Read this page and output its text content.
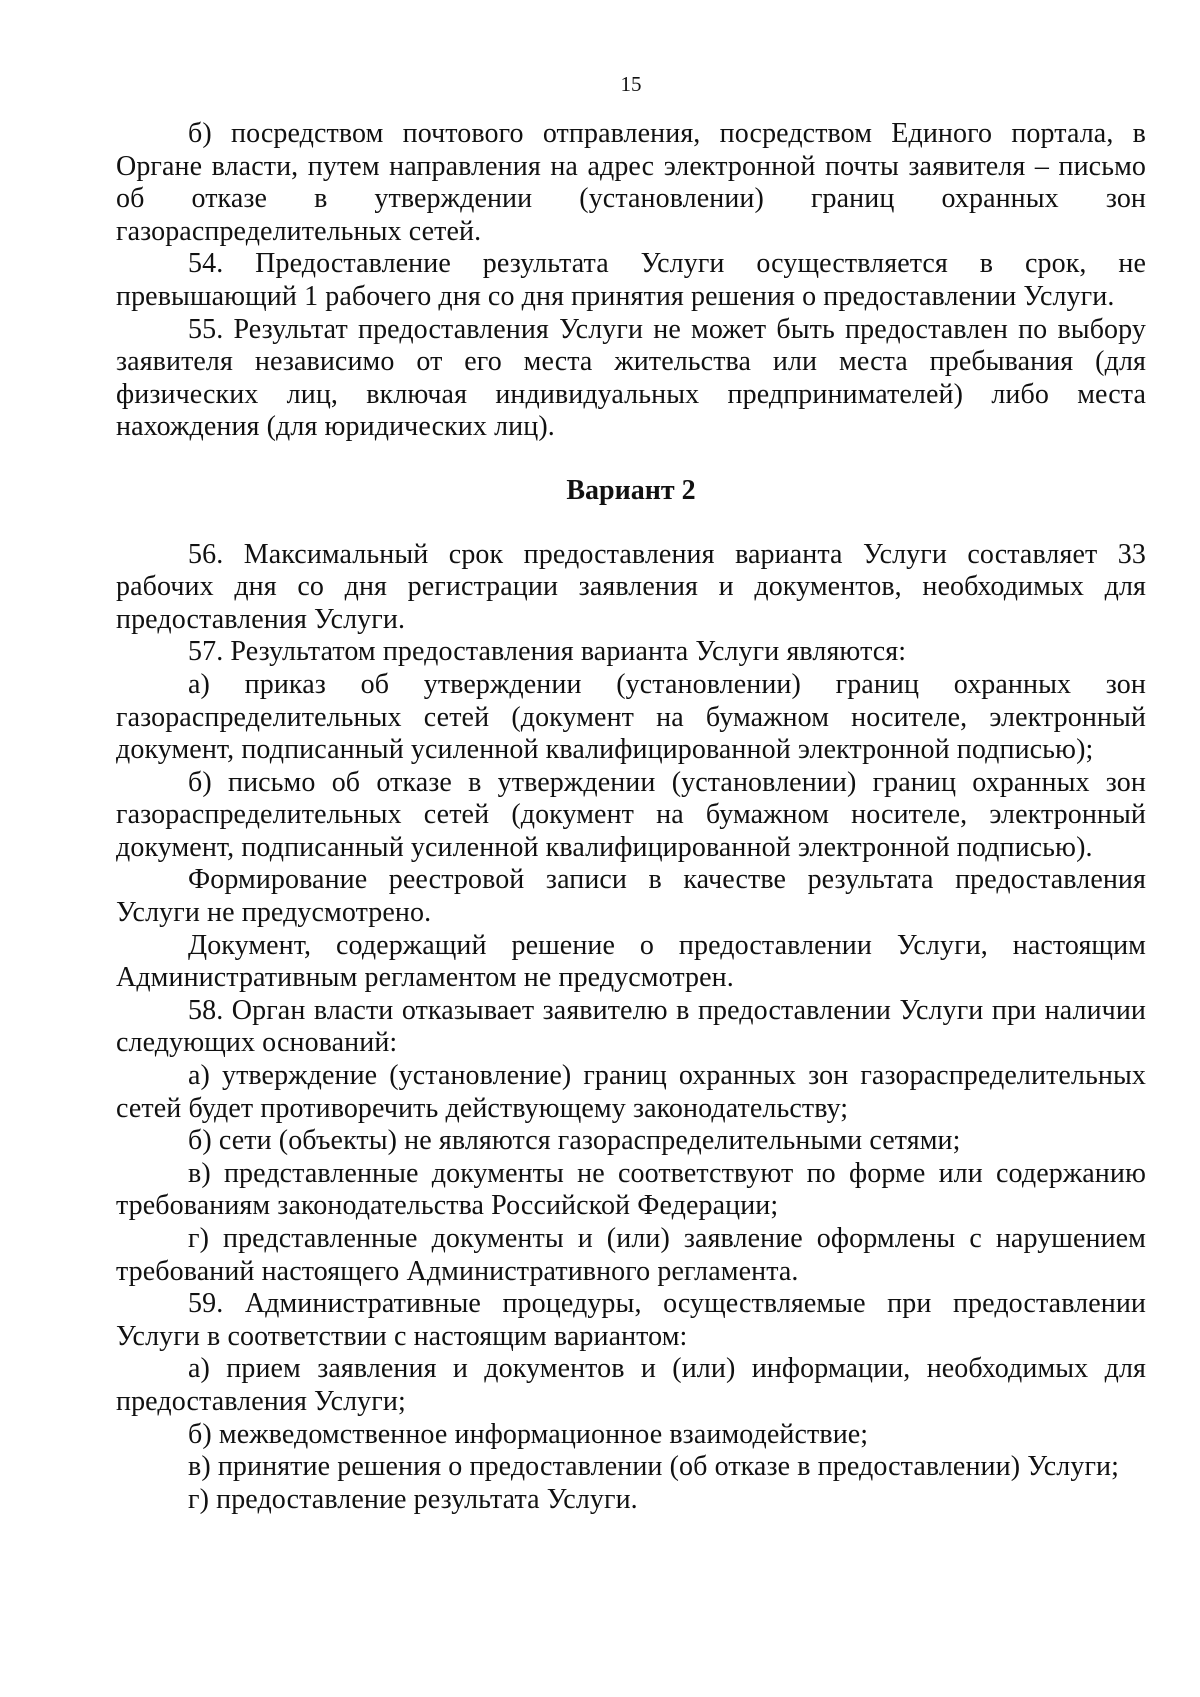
15

б) посредством почтового отправления, посредством Единого портала, в Органе власти, путем направления на адрес электронной почты заявителя – письмо об отказе в утверждении (установлении) границ охранных зон газораспределительных сетей.

54. Предоставление результата Услуги осуществляется в срок, не превышающий 1 рабочего дня со дня принятия решения о предоставлении Услуги.

55. Результат предоставления Услуги не может быть предоставлен по выбору заявителя независимо от его места жительства или места пребывания (для физических лиц, включая индивидуальных предпринимателей) либо места нахождения (для юридических лиц).

Вариант 2

56. Максимальный срок предоставления варианта Услуги составляет 33 рабочих дня со дня регистрации заявления и документов, необходимых для предоставления Услуги.

57. Результатом предоставления варианта Услуги являются:

а) приказ об утверждении (установлении) границ охранных зон газораспределительных сетей (документ на бумажном носителе, электронный документ, подписанный усиленной квалифицированной электронной подписью);

б) письмо об отказе в утверждении (установлении) границ охранных зон газораспределительных сетей (документ на бумажном носителе, электронный документ, подписанный усиленной квалифицированной электронной подписью).

Формирование реестровой записи в качестве результата предоставления Услуги не предусмотрено.

Документ, содержащий решение о предоставлении Услуги, настоящим Административным регламентом не предусмотрен.

58. Орган власти отказывает заявителю в предоставлении Услуги при наличии следующих оснований:

а) утверждение (установление) границ охранных зон газораспределительных сетей будет противоречить действующему законодательству;

б) сети (объекты) не являются газораспределительными сетями;

в) представленные документы не соответствуют по форме или содержанию требованиям законодательства Российской Федерации;

г) представленные документы и (или) заявление оформлены с нарушением требований настоящего Административного регламента.

59. Административные процедуры, осуществляемые при предоставлении Услуги в соответствии с настоящим вариантом:

а) прием заявления и документов и (или) информации, необходимых для предоставления Услуги;

б) межведомственное информационное взаимодействие;

в) принятие решения о предоставлении (об отказе в предоставлении) Услуги;

г) предоставление результата Услуги.
